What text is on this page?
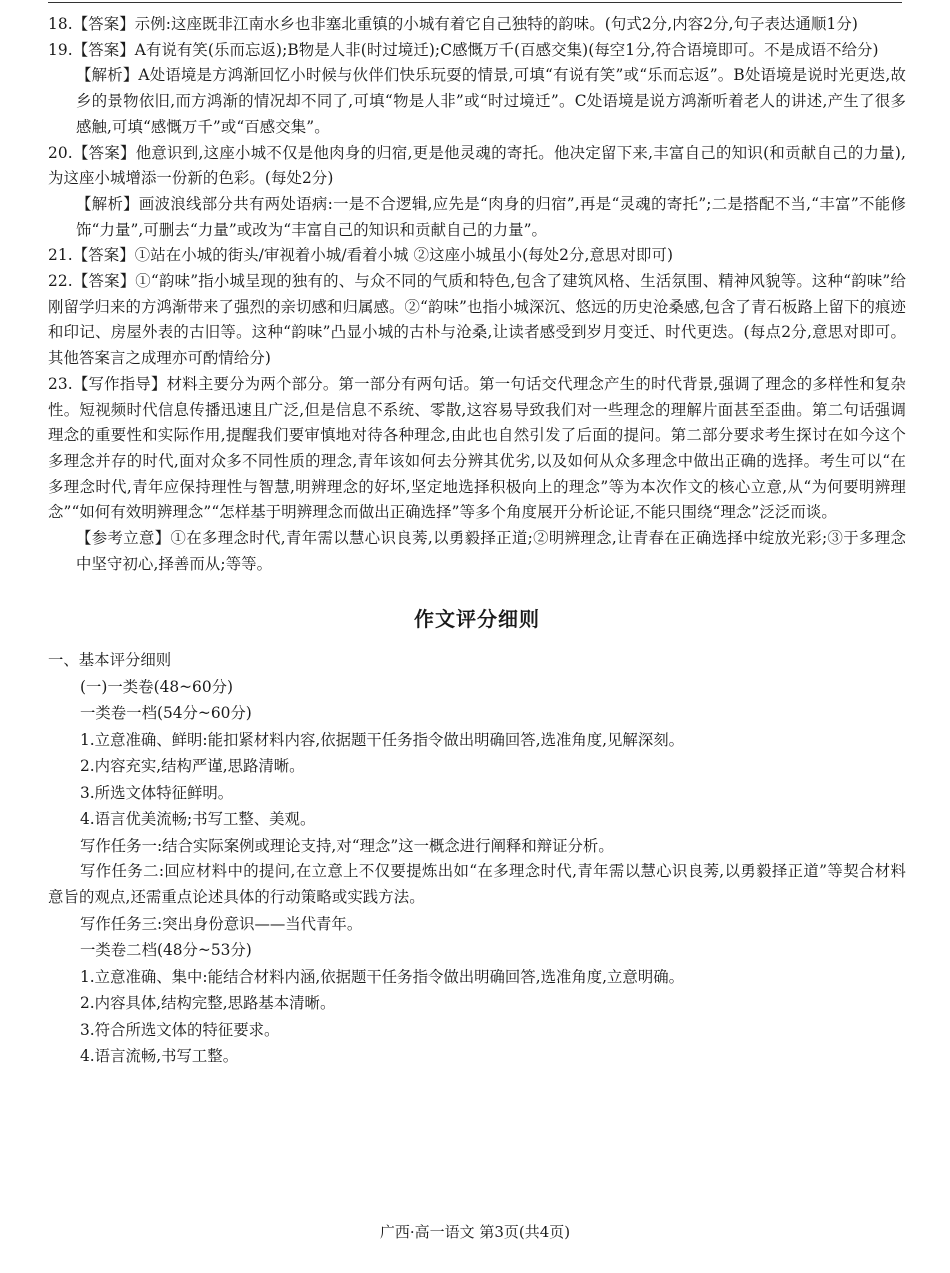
18.【答案】示例:这座既非江南水乡也非塞北重镇的小城有着它自己独特的韵味。(句式2分,内容2分,句子表达通顺1分)

19.【答案】A有说有笑(乐而忘返);B物是人非(时过境迁);C感慨万千(百感交集)(每空1分,符合语境即可。不是成语不给分)

【解析】A处语境是方鸿渐回忆小时候与伙伴们快乐玩耍的情景,可填“有说有笑”或“乐而忘返”。B处语境是说时光更迭,故乡的景物依旧,而方鸿渐的情况却不同了,可填“物是人非”或“时过境迁”。C处语境是说方鸿渐听着老人的讲述,产生了很多感触,可填“感慨万千”或“百感交集”。

20.【答案】他意识到,这座小城不仅是他肉身的归宿,更是他灵魂的寄托。他决定留下来,丰富自己的知识(和贡献自己的力量),为这座小城增添一份新的色彩。(每处2分)

【解析】画波浪线部分共有两处语病:一是不合逻辑,应先是“肉身的归宿”,再是“灵魂的寄托”;二是搭配不当,“丰富”不能修饰“力量”,可删去“力量”或改为“丰富自己的知识和贡献自己的力量”。

21.【答案】①站在小城的街头/审视着小城/看着小城 ②这座小城虽小(每处2分,意思对即可)

22.【答案】①“韵味”指小城呈现的独有的、与众不同的气质和特色,包含了建筑风格、生活氛围、精神风貌等。这种“韵味”给刚留学归来的方鸿渐带来了强烈的亲切感和归属感。②“韵味”也指小城深沉、悠远的历史沧桑感,包含了青石板路上留下的痕迹和印记、房屋外表的古旧等。这种“韵味”凸显小城的古朴与沧桑,让读者感受到岁月变迁、时代更迭。(每点2分,意思对即可。其他答案言之成理亦可酌情给分)

23.【写作指导】材料主要分为两个部分。第一部分有两句话。第一句话交代理念产生的时代背景,强调了理念的多样性和复杂性。短视频时代信息传播迅速且广泛,但是信息不系统、零散,这容易导致我们对一些理念的理解片面甚至歪曲。第二句话强调理念的重要性和实际作用,提醒我们要审慎地对待各种理念,由此也自然引发了后面的提问。第二部分要求考生探讨在如今这个多理念并存的时代,面对众多不同性质的理念,青年该如何去分辨其优劣,以及如何从众多理念中做出正确的选择。考生可以“在多理念时代,青年应保持理性与智慧,明辨理念的好坏,坚定地选择积极向上的理念”等为本次作文的核心立意,从“为何要明辨理念”“如何有效明辨理念”“怎样基于明辨理念而做出正确选择”等多个角度展开分析论证,不能只围绕“理念”泛泛而谈。

【参考立意】①在多理念时代,青年需以慧心识良莠,以勇毅择正道;②明辨理念,让青春在正确选择中绽放光彩;③于多理念中坚守初心,择善而从;等等。

作文评分细则

一、基本评分细则

(一)一类卷(48~60分)

一类卷一档(54分~60分)

1.立意准确、鲜明:能扣紧材料内容,依据题干任务指令做出明确回答,选准角度,见解深刻。

2.内容充实,结构严谨,思路清晰。

3.所选文体特征鲜明。

4.语言优美流畅;书写工整、美观。

写作任务一:结合实际案例或理论支持,对“理念”这一概念进行阐释和辩证分析。

写作任务二:回应材料中的提问,在立意上不仅要提炼出如“在多理念时代,青年需以慧心识良莠,以勇毅择正道”等契合材料意旨的观点,还需重点论述具体的行动策略或实践方法。

写作任务三:突出身份意识——当代青年。

一类卷二档(48分~53分)

1.立意准确、集中:能结合材料内涵,依据题干任务指令做出明确回答,选准角度,立意明确。

2.内容具体,结构完整,思路基本清晰。

3.符合所选文体的特征要求。

4.语言流畅,书写工整。

广西·高一语文 第3页(共4页)
